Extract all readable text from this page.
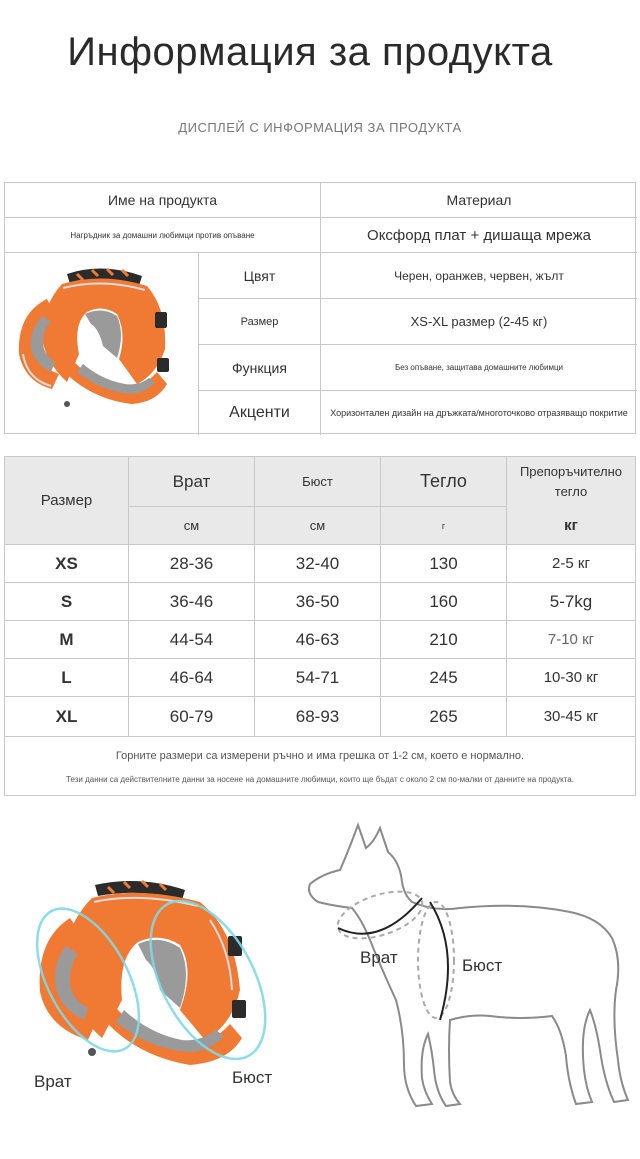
Информация за продукта
ДИСПЛЕЙ С ИНФОРМАЦИЯ ЗА ПРОДУКТА
Име на продукта	Материал
Нагръдник за домашни любимци против опъване	Оксфорд плат + дишаща мрежа
Цвят	Черен, оранжев, червен, жълт
Размер	XS-XL размер (2-45 кг)
Функция	Без опъване, защитава домашните любимци
Акценти	Хоризонтален дизайн на дръжката/многоточково отразяващо покритие
Размер
Врат	Бюст	Тегло	Препоръчително тегло
см	см	г	кг
XS	28-36	32-40	130	2-5 кг
S	36-46	36-50	160	5-7kg
M	44-54	46-63	210	7-10 кг
L	46-64	54-71	245	10-30 кг
XL	60-79	68-93	265	30-45 кг
Горните размери са измерени ръчно и има грешка от 1-2 см, което е нормално.
Тези данни са действителните данни за носене на домашните любимци, които ще бъдат с около 2 см по-малки от данните на продукта.
Врат	Бюст
Врат	Бюст
